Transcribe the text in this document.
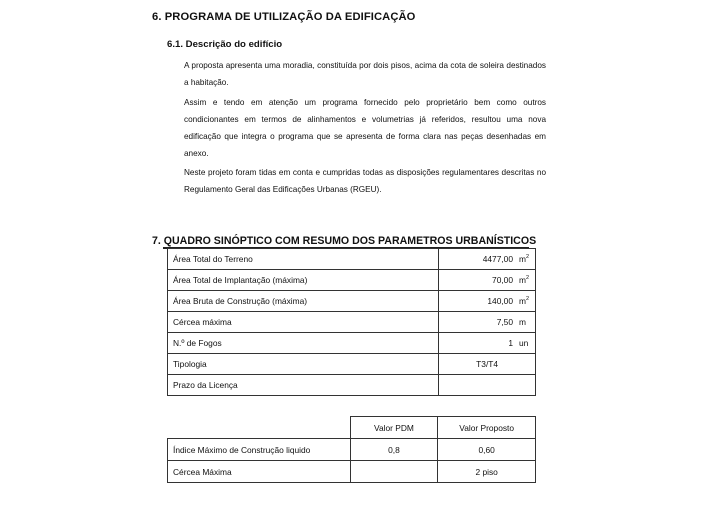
6. PROGRAMA DE UTILIZAÇÃO DA EDIFICAÇÃO
6.1. Descrição do edifício
A proposta apresenta uma moradia, constituída por dois pisos, acima da cota de soleira destinados a habitação.
Assim e tendo em atenção um programa fornecido pelo proprietário bem como outros condicionantes em termos de alinhamentos e volumetrias já referidos, resultou uma nova edificação que integra o programa que se apresenta de forma clara nas peças desenhadas em anexo.
Neste projeto foram tidas em conta e cumpridas todas as disposições regulamentares descritas no Regulamento Geral das Edificações Urbanas (RGEU).
7. QUADRO SINÓPTICO COM RESUMO DOS PARAMETROS URBANÍSTICOS
Área Total do Terreno	4477,00 $m^2$
Área Total de Implantação (máxima)	70,00 $m^2$
Área Bruta de Construção (máxima)	140,00 $m^2$
Cércea máxima	7,50 m
N.º de Fogos	1 un
Tipologia	T3/T4
Prazo da Licença	
	Valor PDM	Valor Proposto
Índice Máximo de Construção liquido	0,8	0,60
Cércea Máxima		2 piso
